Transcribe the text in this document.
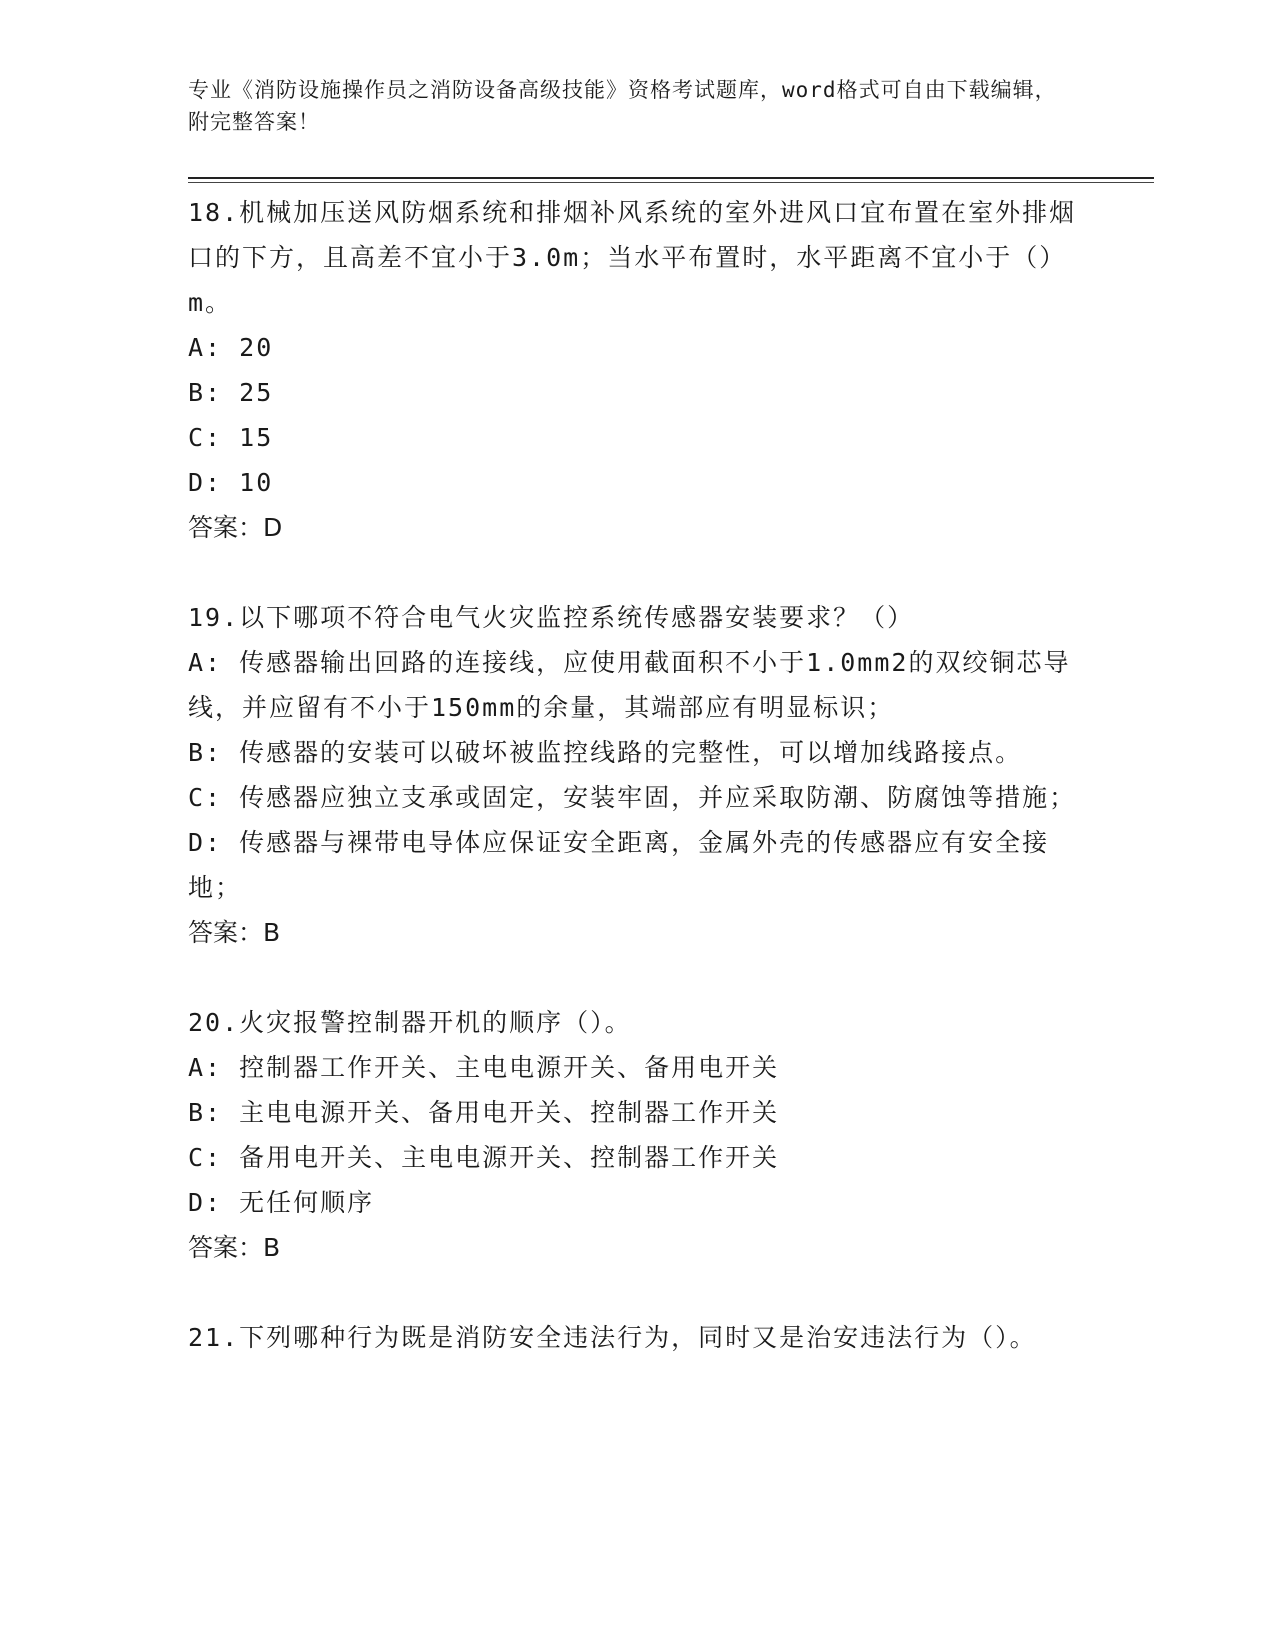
专业《消防设施操作员之消防设备高级技能》资格考试题库，word格式可自由下载编辑，附完整答案！
18.机械加压送风防烟系统和排烟补风系统的室外进风口宜布置在室外排烟口的下方，且高差不宜小于3.0m；当水平布置时，水平距离不宜小于（）m。
A: 20
B: 25
C: 15
D: 10
答案：D
19.以下哪项不符合电气火灾监控系统传感器安装要求？（）
A: 传感器输出回路的连接线，应使用截面积不小于1.0mm2的双绞铜芯导线，并应留有不小于150mm的余量，其端部应有明显标识；
B: 传感器的安装可以破坏被监控线路的完整性，可以增加线路接点。
C: 传感器应独立支承或固定，安装牢固，并应采取防潮、防腐蚀等措施；
D: 传感器与裸带电导体应保证安全距离，金属外壳的传感器应有安全接地；
答案：B
20.火灾报警控制器开机的顺序（）。
A: 控制器工作开关、主电电源开关、备用电开关
B: 主电电源开关、备用电开关、控制器工作开关
C: 备用电开关、主电电源开关、控制器工作开关
D: 无任何顺序
答案：B
21.下列哪种行为既是消防安全违法行为，同时又是治安违法行为（）。
